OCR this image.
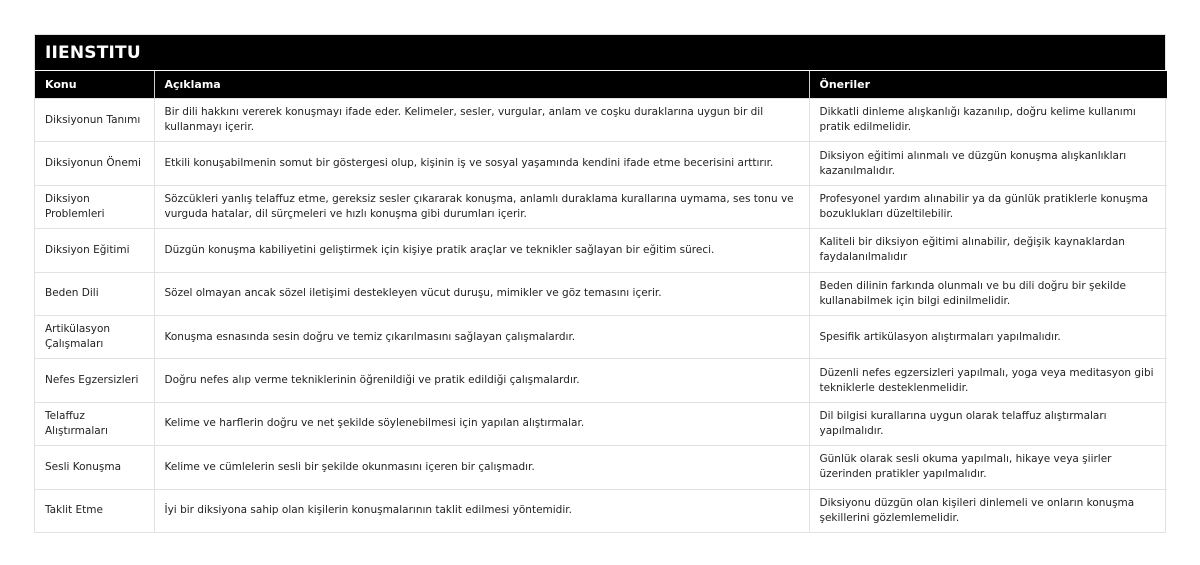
IIENSTITU
Konu	Açıklama	Öneriler
Diksiyonun Tanımı	Bir dili hakkını vererek konuşmayı ifade eder. Kelimeler, sesler, vurgular, anlam ve coşku duraklarına uygun bir dil kullanmayı içerir.	Dikkatli dinleme alışkanlığı kazanılıp, doğru kelime kullanımı pratik edilmelidir.
Diksiyonun Önemi	Etkili konuşabilmenin somut bir göstergesi olup, kişinin iş ve sosyal yaşamında kendini ifade etme becerisini arttırır.	Diksiyon eğitimi alınmalı ve düzgün konuşma alışkanlıkları kazanılmalıdır.
Diksiyon Problemleri	Sözcükleri yanlış telaffuz etme, gereksiz sesler çıkararak konuşma, anlamlı duraklama kurallarına uymama, ses tonu ve vurguda hatalar, dil sürçmeleri ve hızlı konuşma gibi durumları içerir.	Profesyonel yardım alınabilir ya da günlük pratiklerle konuşma bozuklukları düzeltilebilir.
Diksiyon Eğitimi	Düzgün konuşma kabiliyetini geliştirmek için kişiye pratik araçlar ve teknikler sağlayan bir eğitim süreci.	Kaliteli bir diksiyon eğitimi alınabilir, değişik kaynaklardan faydalanılmalıdır
Beden Dili	Sözel olmayan ancak sözel iletişimi destekleyen vücut duruşu, mimikler ve göz temasını içerir.	Beden dilinin farkında olunmalı ve bu dili doğru bir şekilde kullanabilmek için bilgi edinilmelidir.
Artikülasyon Çalışmaları	Konuşma esnasında sesin doğru ve temiz çıkarılmasını sağlayan çalışmalardır.	Spesifik artikülasyon alıştırmaları yapılmalıdır.
Nefes Egzersizleri	Doğru nefes alıp verme tekniklerinin öğrenildiği ve pratik edildiği çalışmalardır.	Düzenli nefes egzersizleri yapılmalı, yoga veya meditasyon gibi tekniklerle desteklenmelidir.
Telaffuz Alıştırmaları	Kelime ve harflerin doğru ve net şekilde söylenebilmesi için yapılan alıştırmalar.	Dil bilgisi kurallarına uygun olarak telaffuz alıştırmaları yapılmalıdır.
Sesli Konuşma	Kelime ve cümlelerin sesli bir şekilde okunmasını içeren bir çalışmadır.	Günlük olarak sesli okuma yapılmalı, hikaye veya şiirler üzerinden pratikler yapılmalıdır.
Taklit Etme	İyi bir diksiyona sahip olan kişilerin konuşmalarının taklit edilmesi yöntemidir.	Diksiyonu düzgün olan kişileri dinlemeli ve onların konuşma şekillerini gözlemlemelidir.
